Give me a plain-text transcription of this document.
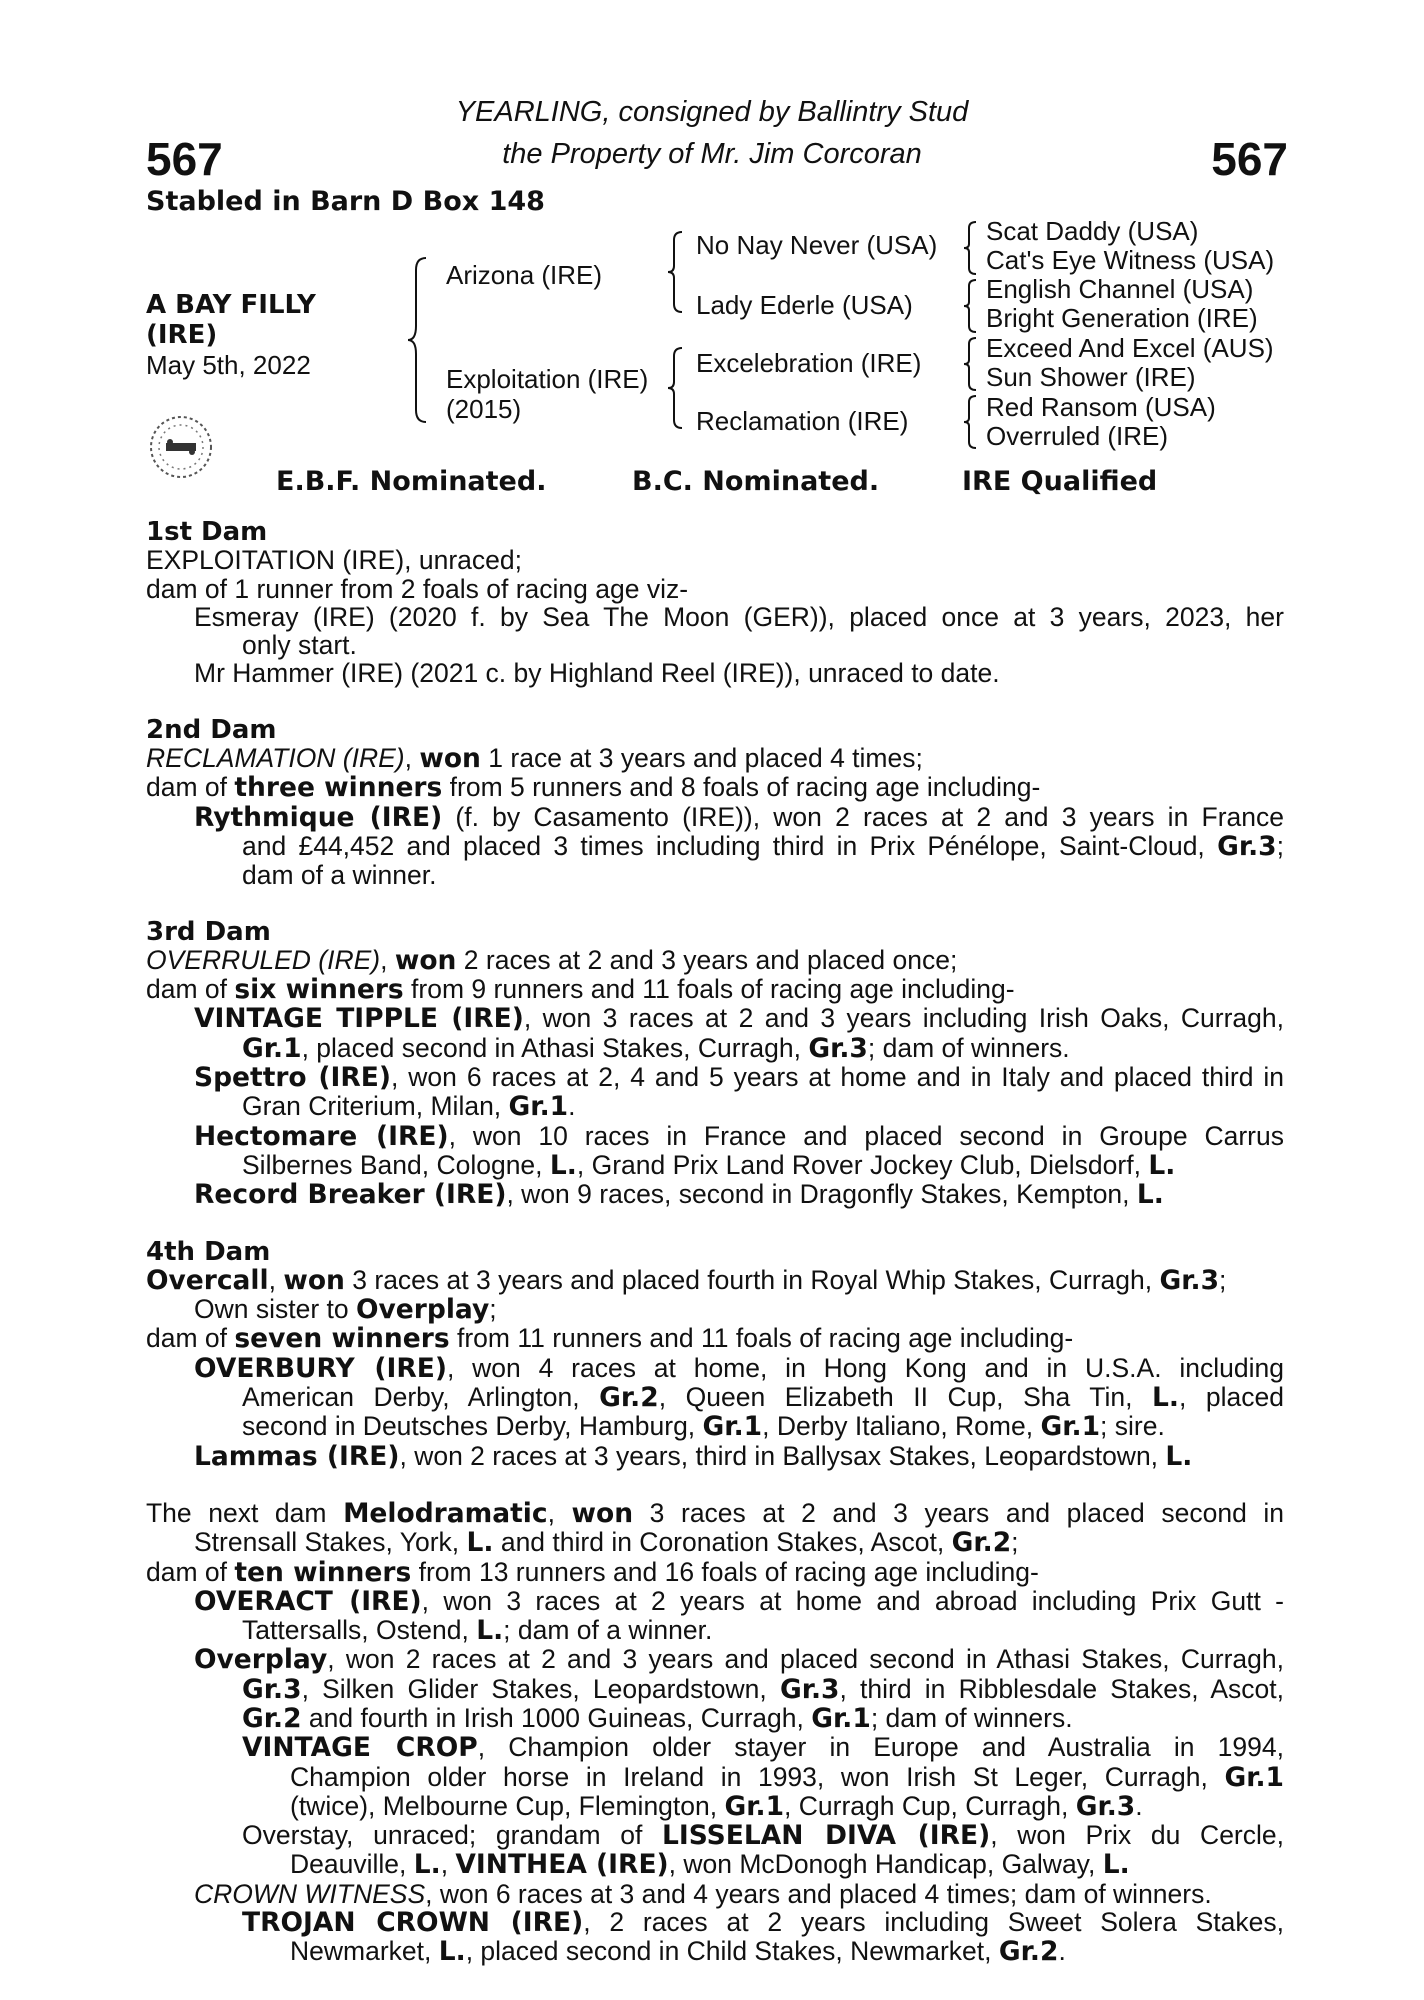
567	567
YEARLING, consigned by Ballintry Stud
the Property of Mr. Jim Corcoran
Stabled in Barn D Box 148
A BAY FILLY
(IRE)
May 5th, 2022
Arizona (IRE)
Exploitation (IRE)
(2015)
No Nay Never (USA)
Lady Ederle (USA)
Excelebration (IRE)
Reclamation (IRE)
Scat Daddy (USA)
Cat's Eye Witness (USA)
English Channel (USA)
Bright Generation (IRE)
Exceed And Excel (AUS)
Sun Shower (IRE)
Red Ransom (USA)
Overruled (IRE)
E.B.F. Nominated.	B.C. Nominated.	IRE Qualified
1st Dam
EXPLOITATION (IRE), unraced;
dam of 1 runner from 2 foals of racing age viz-
Esmeray (IRE) (2020 f. by Sea The Moon (GER)), placed once at 3 years, 2023, her
only start.
Mr Hammer (IRE) (2021 c. by Highland Reel (IRE)), unraced to date.
2nd Dam
RECLAMATION (IRE), won 1 race at 3 years and placed 4 times;
dam of three winners from 5 runners and 8 foals of racing age including-
Rythmique (IRE) (f. by Casamento (IRE)), won 2 races at 2 and 3 years in France
and £44,452 and placed 3 times including third in Prix Pénélope, Saint-Cloud, Gr.3;
dam of a winner.
3rd Dam
OVERRULED (IRE), won 2 races at 2 and 3 years and placed once;
dam of six winners from 9 runners and 11 foals of racing age including-
VINTAGE TIPPLE (IRE), won 3 races at 2 and 3 years including Irish Oaks, Curragh,
Gr.1, placed second in Athasi Stakes, Curragh, Gr.3; dam of winners.
Spettro (IRE), won 6 races at 2, 4 and 5 years at home and in Italy and placed third in
Gran Criterium, Milan, Gr.1.
Hectomare (IRE), won 10 races in France and placed second in Groupe Carrus
Silbernes Band, Cologne, L., Grand Prix Land Rover Jockey Club, Dielsdorf, L.
Record Breaker (IRE), won 9 races, second in Dragonfly Stakes, Kempton, L.
4th Dam
Overcall, won 3 races at 3 years and placed fourth in Royal Whip Stakes, Curragh, Gr.3;
Own sister to Overplay;
dam of seven winners from 11 runners and 11 foals of racing age including-
OVERBURY (IRE), won 4 races at home, in Hong Kong and in U.S.A. including
American Derby, Arlington, Gr.2, Queen Elizabeth II Cup, Sha Tin, L., placed
second in Deutsches Derby, Hamburg, Gr.1, Derby Italiano, Rome, Gr.1; sire.
Lammas (IRE), won 2 races at 3 years, third in Ballysax Stakes, Leopardstown, L.
The next dam Melodramatic, won 3 races at 2 and 3 years and placed second in
Strensall Stakes, York, L. and third in Coronation Stakes, Ascot, Gr.2;
dam of ten winners from 13 runners and 16 foals of racing age including-
OVERACT (IRE), won 3 races at 2 years at home and abroad including Prix Gutt -
Tattersalls, Ostend, L.; dam of a winner.
Overplay, won 2 races at 2 and 3 years and placed second in Athasi Stakes, Curragh,
Gr.3, Silken Glider Stakes, Leopardstown, Gr.3, third in Ribblesdale Stakes, Ascot,
Gr.2 and fourth in Irish 1000 Guineas, Curragh, Gr.1; dam of winners.
VINTAGE CROP, Champion older stayer in Europe and Australia in 1994,
Champion older horse in Ireland in 1993, won Irish St Leger, Curragh, Gr.1
(twice), Melbourne Cup, Flemington, Gr.1, Curragh Cup, Curragh, Gr.3.
Overstay, unraced; grandam of LISSELAN DIVA (IRE), won Prix du Cercle,
Deauville, L., VINTHEA (IRE), won McDonogh Handicap, Galway, L.
CROWN WITNESS, won 6 races at 3 and 4 years and placed 4 times; dam of winners.
TROJAN CROWN (IRE), 2 races at 2 years including Sweet Solera Stakes,
Newmarket, L., placed second in Child Stakes, Newmarket, Gr.2.
